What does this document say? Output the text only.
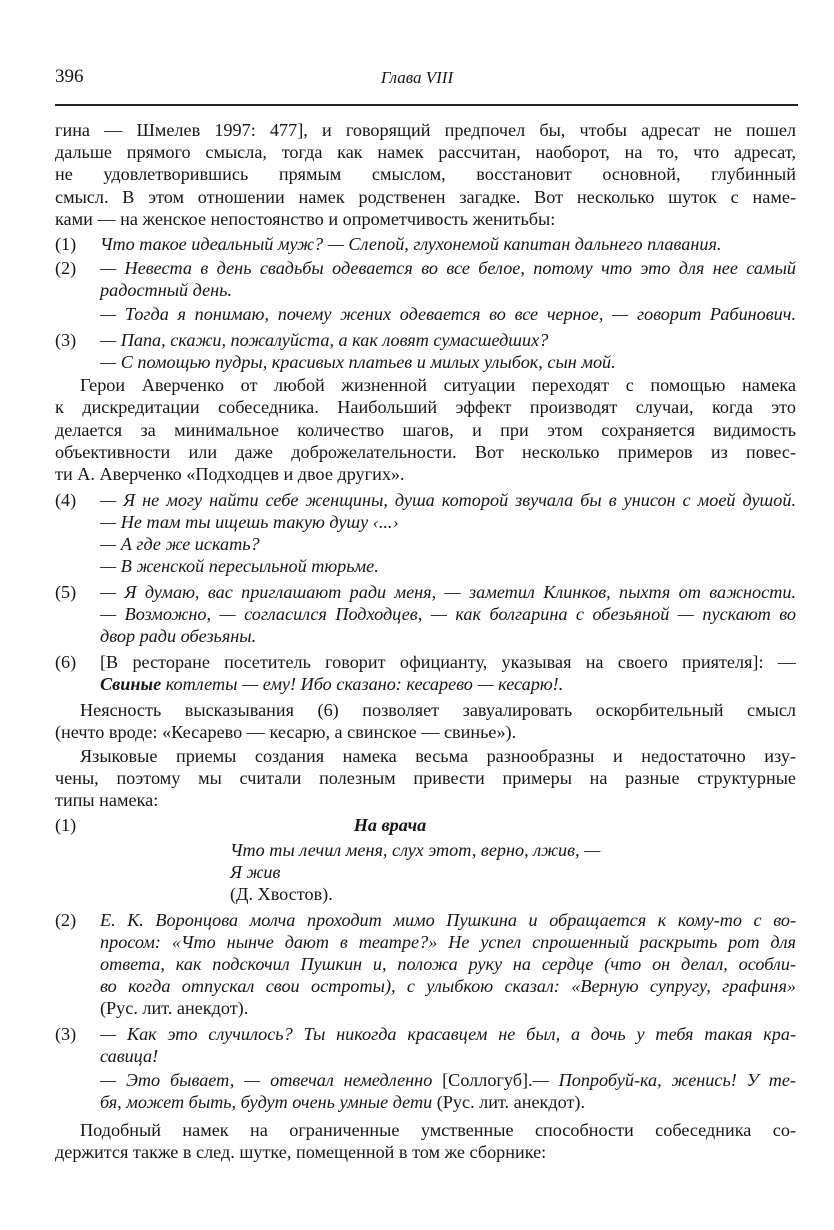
396	Глава VIII
гина — Шмелев 1997: 477], и говорящий предпочел бы, чтобы адресат не пошел
дальше прямого смысла, тогда как намек рассчитан, наоборот, на то, что адресат,
не удовлетворившись прямым смыслом, восстановит основной, глубинный
смысл. В этом отношении намек родственен загадке. Вот несколько шуток с наме-
ками — на женское непостоянство и опрометчивость женитьбы:
(1) Что такое идеальный муж? — Слепой, глухонемой капитан дальнего плавания.
(2) — Невеста в день свадьбы одевается во все белое, потому что это для нее самый
радостный день.
— Тогда я понимаю, почему жених одевается во все черное, — говорит Рабинович.
(3) — Папа, скажи, пожалуйста, а как ловят сумасшедших?
— С помощью пудры, красивых платьев и милых улыбок, сын мой.
Герои Аверченко от любой жизненной ситуации переходят с помощью намека
к дискредитации собеседника. Наибольший эффект производят случаи, когда это
делается за минимальное количество шагов, и при этом сохраняется видимость
объективности или даже доброжелательности. Вот несколько примеров из повес-
ти А. Аверченко «Подходцев и двое других».
(4) — Я не могу найти себе женщины, душа которой звучала бы в унисон с моей душой.
— Не там ты ищешь такую душу ‹...›
— А где же искать?
— В женской пересыльной тюрьме.
(5) — Я думаю, вас приглашают ради меня, — заметил Клинков, пыхтя от важности.
— Возможно, — согласился Подходцев, — как болгарина с обезьяной — пускают во
двор ради обезьяны.
(6) [В ресторане посетитель говорит официанту, указывая на своего приятеля]: —
Свиные котлеты — ему! Ибо сказано: кесарево — кесарю!.
Неясность высказывания (6) позволяет завуалировать оскорбительный смысл
(нечто вроде: «Кесарево — кесарю, а свинское — свинье»).
Языковые приемы создания намека весьма разнообразны и недостаточно изу-
чены, поэтому мы считали полезным привести примеры на разные структурные
типы намека:
(1)	На врача
Что ты лечил меня, слух этот, верно, лжив, —
Я жив
(Д. Хвостов).
(2) Е. К. Воронцова молча проходит мимо Пушкина и обращается к кому-то с во-
просом: «Что нынче дают в театре?» Не успел спрошенный раскрыть рот для
ответа, как подскочил Пушкин и, положа руку на сердце (что он делал, особли-
во когда отпускал свои остроты), с улыбкою сказал: «Верную супругу, графиня»
(Рус. лит. анекдот).
(3) — Как это случилось? Ты никогда красавцем не был, а дочь у тебя такая кра-
савица!
— Это бывает, — отвечал немедленно [Соллогуб].— Попробуй-ка, женись! У те-
бя, может быть, будут очень умные дети (Рус. лит. анекдот).
Подобный намек на ограниченные умственные способности собеседника со-
держится также в след. шутке, помещенной в том же сборнике:
